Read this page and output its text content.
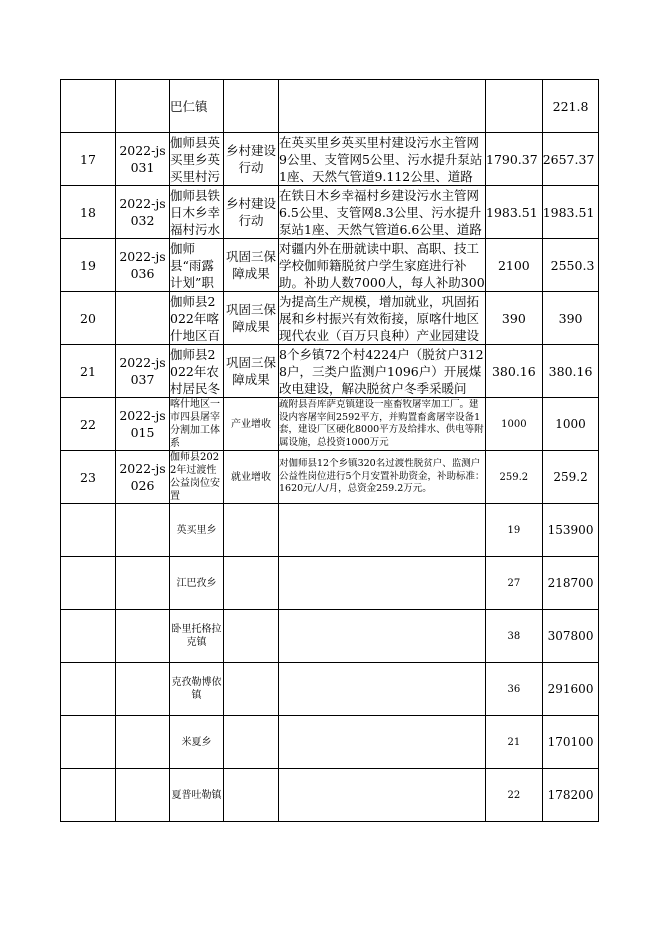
		巴仁镇				221.8
17	2022-js031	伽师县英买里乡英买里村污	乡村建设行动	在英买里乡英买里村建设污水主管网9公里、支管网5公里、污水提升泵站1座、天然气管道9.112公里、道路	1790.37	2657.37
18	2022-js032	伽师县铁日木乡幸福村污水	乡村建设行动	在铁日木乡幸福村乡建设污水主管网6.5公里、支管网8.3公里、污水提升泵站1座、天然气管道6.6公里、道路	1983.51	1983.51
19	2022-js036	伽师县“雨露计划”职	巩固三保障成果	对疆内外在册就读中职、高职、技工学校伽师籍脱贫户学生家庭进行补助。补助人数7000人，每人补助300	2100	2550.3
20		伽师县2022年喀什地区百	巩固三保障成果	为提高生产规模，增加就业，巩固拓展和乡村振兴有效衔接，原喀什地区现代农业（百万只良种）产业园建设	390	390
21	2022-js037	伽师县2022年农村居民冬	巩固三保障成果	8个乡镇72个村4224户（脱贫户3128户，三类户监测户1096户）开展煤改电建设，解决脱贫户冬季采暖问	380.16	380.16
22	2022-js015	喀什地区一市四县屠宰分割加工体系	产业增收	疏附县吾库萨克镇建设一座畜牧屠宰加工厂。建设内容屠宰间2592平方，并购置畜禽屠宰设备1套，建设厂区硬化8000平方及给排水、供电等附属设施，总投资1000万元	1000	1000
23	2022-js026	伽师县2022年过渡性公益岗位安置	就业增收	对伽师县12个乡镇320名过渡性脱贫户、监测户公益性岗位进行5个月安置补助资金，补助标准：1620元/人/月，总资金259.2万元。	259.2	259.2
		英买里乡			19	153900
		江巴孜乡			27	218700

		卧里托格拉克镇			38	307800

		克孜勒博依镇			36	291600
		米夏乡			21	170100

		夏普吐勒镇			22	178200
